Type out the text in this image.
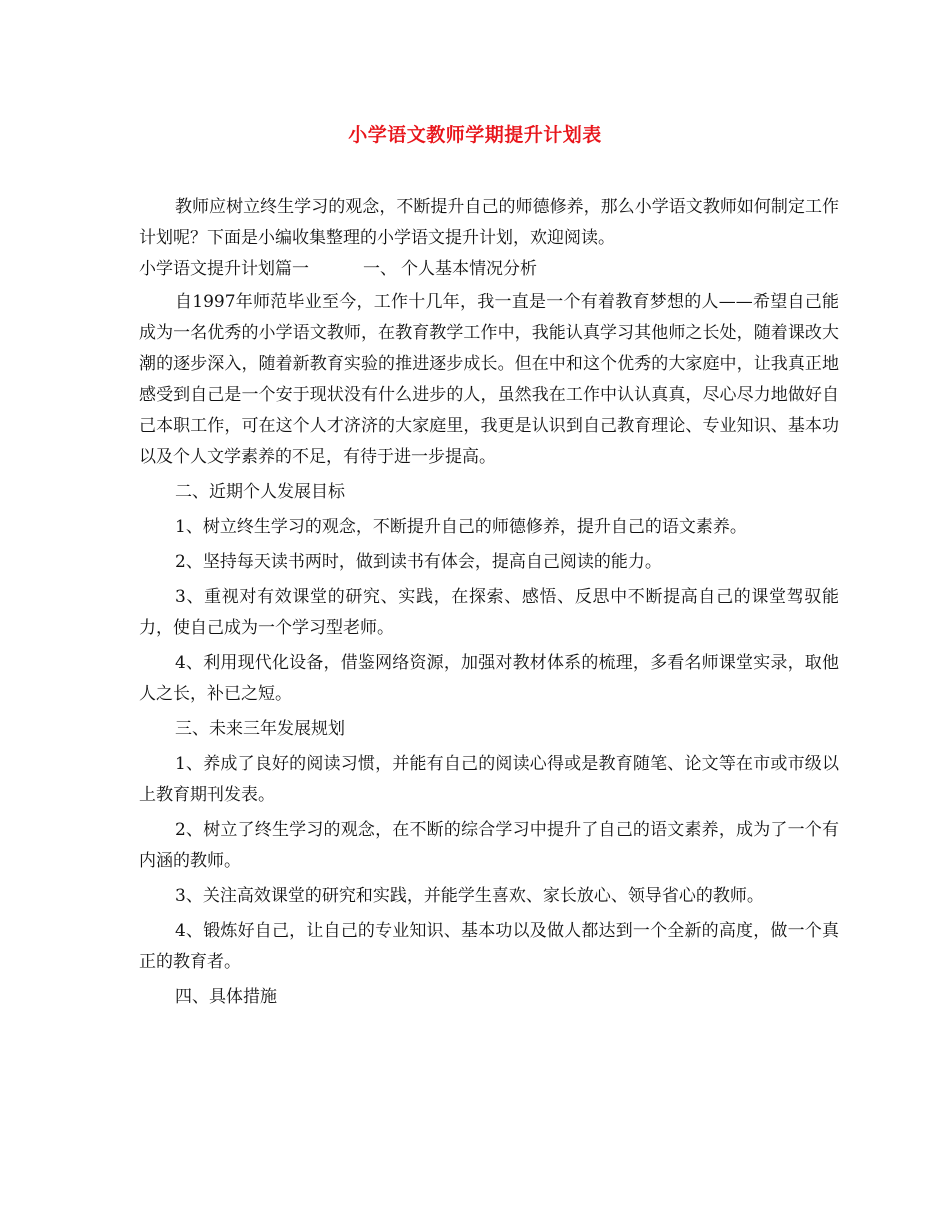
小学语文教师学期提升计划表

教师应树立终生学习的观念，不断提升自己的师德修养，那么小学语文教师如何制定工作计划呢？下面是小编收集整理的小学语文提升计划，欢迎阅读。

小学语文提升计划篇一	一、 个人基本情况分析

自1997年师范毕业至今，工作十几年，我一直是一个有着教育梦想的人——希望自己能成为一名优秀的小学语文教师，在教育教学工作中，我能认真学习其他师之长处，随着课改大潮的逐步深入，随着新教育实验的推进逐步成长。但在中和这个优秀的大家庭中，让我真正地感受到自己是一个安于现状没有什么进步的人，虽然我在工作中认认真真，尽心尽力地做好自己本职工作，可在这个人才济济的大家庭里，我更是认识到自己教育理论、专业知识、基本功以及个人文学素养的不足，有待于进一步提高。

二、近期个人发展目标

1、树立终生学习的观念，不断提升自己的师德修养，提升自己的语文素养。

2、坚持每天读书两时，做到读书有体会，提高自己阅读的能力。

3、重视对有效课堂的研究、实践，在探索、感悟、反思中不断提高自己的课堂驾驭能力，使自己成为一个学习型老师。

4、利用现代化设备，借鉴网络资源，加强对教材体系的梳理，多看名师课堂实录，取他人之长，补已之短。

三、未来三年发展规划

1、养成了良好的阅读习惯，并能有自己的阅读心得或是教育随笔、论文等在市或市级以上教育期刊发表。

2、树立了终生学习的观念，在不断的综合学习中提升了自己的语文素养，成为了一个有内涵的教师。

3、关注高效课堂的研究和实践，并能学生喜欢、家长放心、领导省心的教师。

4、锻炼好自己，让自己的专业知识、基本功以及做人都达到一个全新的高度，做一个真正的教育者。

四、具体措施
